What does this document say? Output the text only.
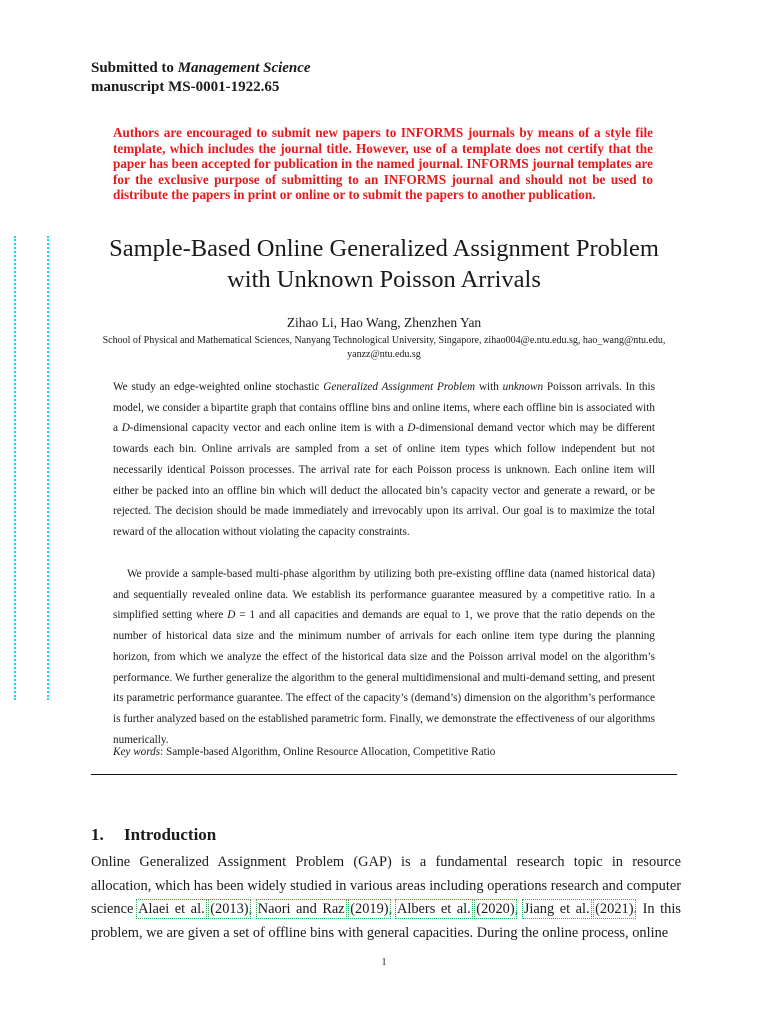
Submitted to Management Science
manuscript MS-0001-1922.65
Authors are encouraged to submit new papers to INFORMS journals by means of a style file template, which includes the journal title. However, use of a template does not certify that the paper has been accepted for publication in the named journal. INFORMS journal templates are for the exclusive purpose of submitting to an INFORMS journal and should not be used to distribute the papers in print or online or to submit the papers to another publication.
Sample-Based Online Generalized Assignment Problem with Unknown Poisson Arrivals
Zihao Li, Hao Wang, Zhenzhen Yan
School of Physical and Mathematical Sciences, Nanyang Technological University, Singapore, zihao004@e.ntu.edu.sg, hao_wang@ntu.edu, yanzz@ntu.edu.sg
We study an edge-weighted online stochastic Generalized Assignment Problem with unknown Poisson arrivals. In this model, we consider a bipartite graph that contains offline bins and online items, where each offline bin is associated with a D-dimensional capacity vector and each online item is with a D-dimensional demand vector which may be different towards each bin. Online arrivals are sampled from a set of online item types which follow independent but not necessarily identical Poisson processes. The arrival rate for each Poisson process is unknown. Each online item will either be packed into an offline bin which will deduct the allocated bin’s capacity vector and generate a reward, or be rejected. The decision should be made immediately and irrevocably upon its arrival. Our goal is to maximize the total reward of the allocation without violating the capacity constraints.
We provide a sample-based multi-phase algorithm by utilizing both pre-existing offline data (named historical data) and sequentially revealed online data. We establish its performance guarantee measured by a competitive ratio. In a simplified setting where D = 1 and all capacities and demands are equal to 1, we prove that the ratio depends on the number of historical data size and the minimum number of arrivals for each online item type during the planning horizon, from which we analyze the effect of the historical data size and the Poisson arrival model on the algorithm’s performance. We further generalize the algorithm to the general multidimensional and multi-demand setting, and present its parametric performance guarantee. The effect of the capacity’s (demand’s) dimension on the algorithm’s performance is further analyzed based on the established parametric form. Finally, we demonstrate the effectiveness of our algorithms numerically.
Key words: Sample-based Algorithm, Online Resource Allocation, Competitive Ratio
1. Introduction
Online Generalized Assignment Problem (GAP) is a fundamental research topic in resource allocation, which has been widely studied in various areas including operations research and computer science Alaei et al. (2013), Naori and Raz (2019), Albers et al. (2020), Jiang et al. (2021). In this problem, we are given a set of offline bins with general capacities. During the online process, online
1
